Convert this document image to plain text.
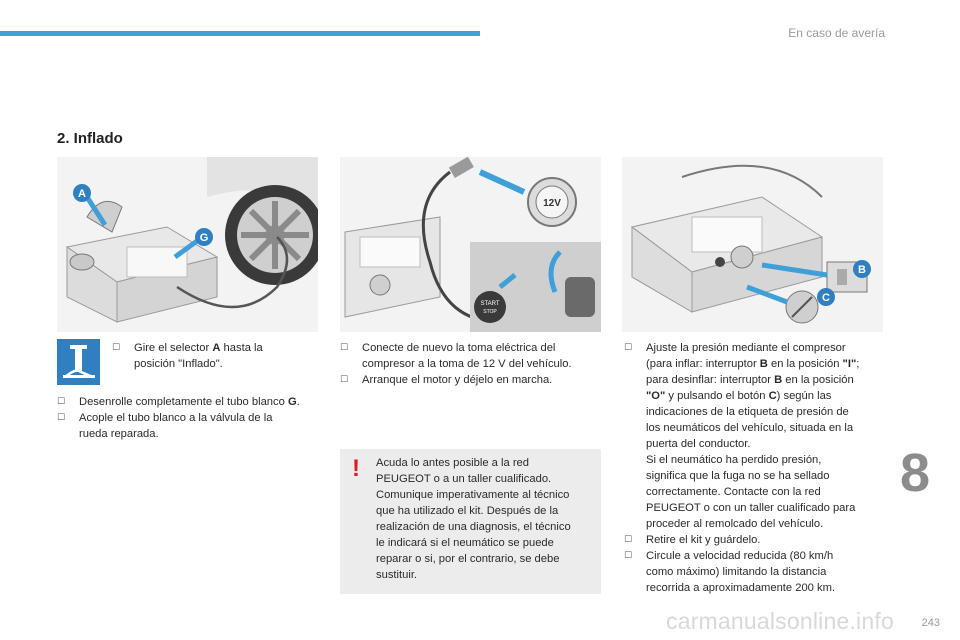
En caso de avería
2. Inflado
A
G
12V
START
STOP
B
C
☐ Gire el selector A hasta la
posición "Inflado".
☐ Desenrolle completamente el tubo blanco G.
☐ Acople el tubo blanco a la válvula de la
rueda reparada.
☐ Conecte de nuevo la toma eléctrica del
compresor a la toma de 12 V del vehículo.
☐ Arranque el motor y déjelo en marcha.
! Acuda lo antes posible a la red
PEUGEOT o a un taller cualificado.
Comunique imperativamente al técnico
que ha utilizado el kit. Después de la
realización de una diagnosis, el técnico
le indicará si el neumático se puede
reparar o si, por el contrario, se debe
sustituir.
☐ Ajuste la presión mediante el compresor
(para inflar: interruptor B en la posición "I";
para desinflar: interruptor B en la posición
"O" y pulsando el botón C) según las
indicaciones de la etiqueta de presión de
los neumáticos del vehículo, situada en la
puerta del conductor.
Si el neumático ha perdido presión,
significa que la fuga no se ha sellado
correctamente. Contacte con la red
PEUGEOT o con un taller cualificado para
proceder al remolcado del vehículo.
☐ Retire el kit y guárdelo.
☐ Circule a velocidad reducida (80 km/h
como máximo) limitando la distancia
recorrida a aproximadamente 200 km.
8
carmanualsonline.info	243
